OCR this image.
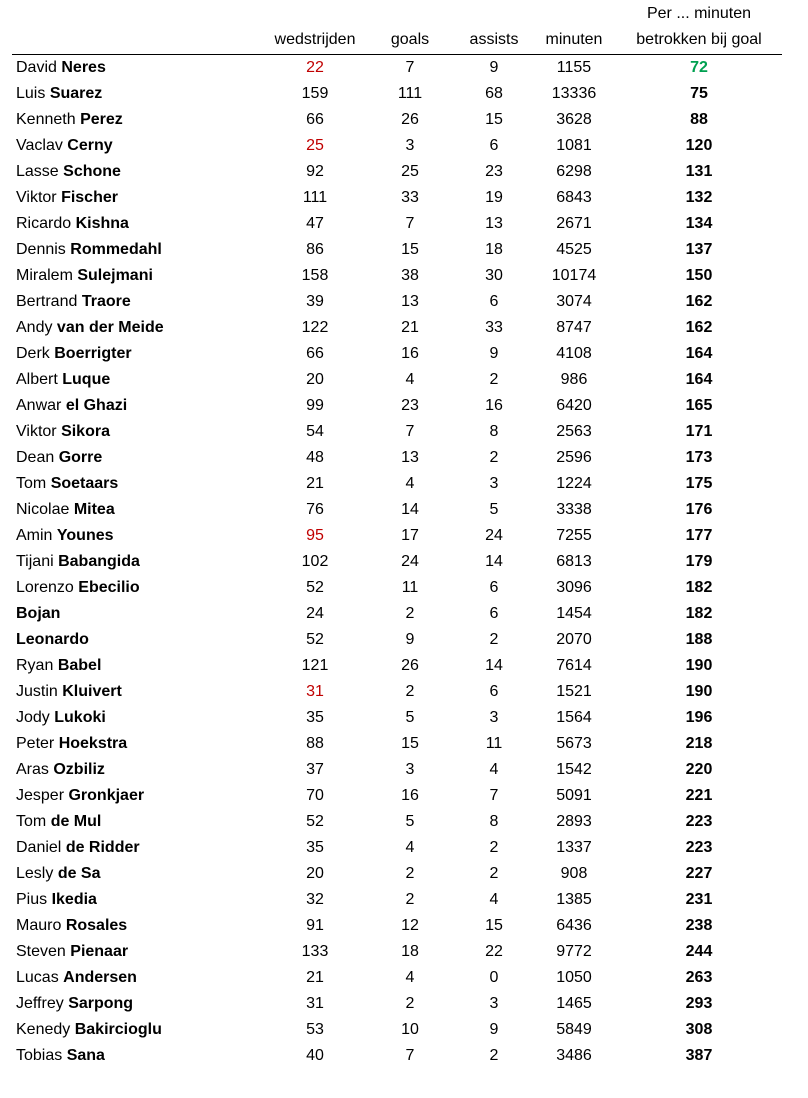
wedstrijden	goals	assists	minuten
Per ... minuten
betrokken bij goal
David Neres	22	7	9	1155	72
Luis Suarez	159	111	68	13336	75
Kenneth Perez	66	26	15	3628	88
Vaclav Cerny	25	3	6	1081	120
Lasse Schone	92	25	23	6298	131
Viktor Fischer	111	33	19	6843	132
Ricardo Kishna	47	7	13	2671	134
Dennis Rommedahl	86	15	18	4525	137
Miralem Sulejmani	158	38	30	10174	150
Bertrand Traore	39	13	6	3074	162
Andy van der Meide	122	21	33	8747	162
Derk Boerrigter	66	16	9	4108	164
Albert Luque	20	4	2	986	164
Anwar el Ghazi	99	23	16	6420	165
Viktor Sikora	54	7	8	2563	171
Dean Gorre	48	13	2	2596	173
Tom Soetaars	21	4	3	1224	175
Nicolae Mitea	76	14	5	3338	176
Amin Younes	95	17	24	7255	177
Tijani Babangida	102	24	14	6813	179
Lorenzo Ebecilio	52	11	6	3096	182
Bojan	24	2	6	1454	182
Leonardo	52	9	2	2070	188
Ryan Babel	121	26	14	7614	190
Justin Kluivert	31	2	6	1521	190
Jody Lukoki	35	5	3	1564	196
Peter Hoekstra	88	15	11	5673	218
Aras Ozbiliz	37	3	4	1542	220
Jesper Gronkjaer	70	16	7	5091	221
Tom de Mul	52	5	8	2893	223
Daniel de Ridder	35	4	2	1337	223
Lesly de Sa	20	2	2	908	227
Pius Ikedia	32	2	4	1385	231
Mauro Rosales	91	12	15	6436	238
Steven Pienaar	133	18	22	9772	244
Lucas Andersen	21	4	0	1050	263
Jeffrey Sarpong	31	2	3	1465	293
Kenedy Bakircioglu	53	10	9	5849	308
Tobias Sana	40	7	2	3486	387
